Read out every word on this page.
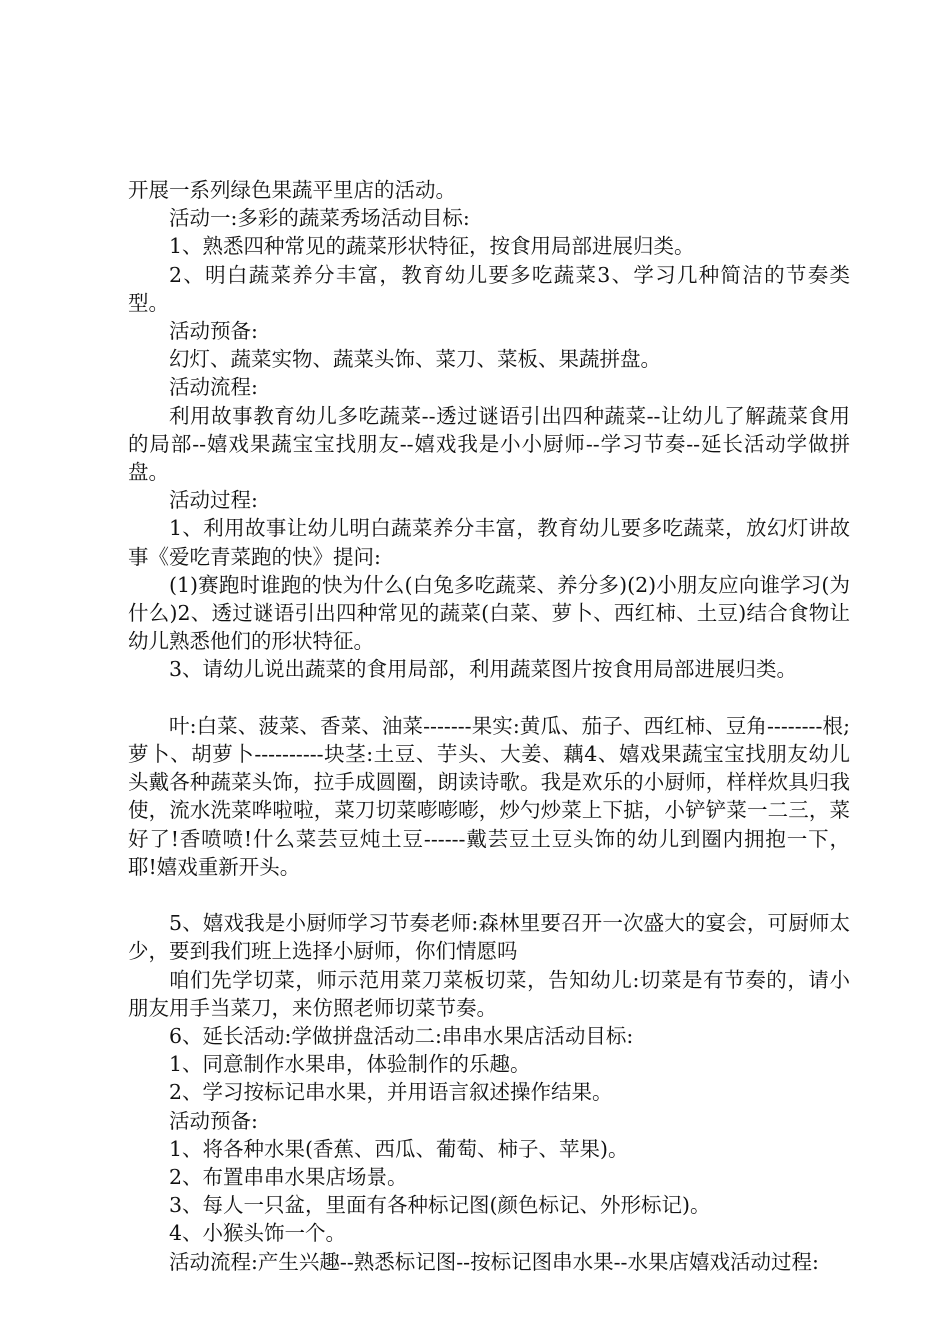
开展一系列绿色果蔬平里店的活动。

活动一:多彩的蔬菜秀场活动目标:

1、熟悉四种常见的蔬菜形状特征，按食用局部进展归类。

2、明白蔬菜养分丰富，教育幼儿要多吃蔬菜3、学习几种简洁的节奏类型。

活动预备:

幻灯、蔬菜实物、蔬菜头饰、菜刀、菜板、果蔬拼盘。

活动流程:

利用故事教育幼儿多吃蔬菜--透过谜语引出四种蔬菜--让幼儿了解蔬菜食用的局部--嬉戏果蔬宝宝找朋友--嬉戏我是小小厨师--学习节奏--延长活动学做拼盘。

活动过程:

1、利用故事让幼儿明白蔬菜养分丰富，教育幼儿要多吃蔬菜，放幻灯讲故事《爱吃青菜跑的快》提问:

(1)赛跑时谁跑的快为什么(白兔多吃蔬菜、养分多)(2)小朋友应向谁学习(为什么)2、透过谜语引出四种常见的蔬菜(白菜、萝卜、西红柿、土豆)结合食物让幼儿熟悉他们的形状特征。

3、请幼儿说出蔬菜的食用局部，利用蔬菜图片按食用局部进展归类。

叶:白菜、菠菜、香菜、油菜-------果实:黄瓜、茄子、西红柿、豆角--------根;萝卜、胡萝卜----------块茎:土豆、芋头、大姜、藕4、嬉戏果蔬宝宝找朋友幼儿头戴各种蔬菜头饰，拉手成圆圈，朗读诗歌。我是欢乐的小厨师，样样炊具归我使，流水洗菜哗啦啦，菜刀切菜嘭嘭嘭，炒勺炒菜上下掂，小铲铲菜一二三，菜好了!香喷喷!什么菜芸豆炖土豆------戴芸豆土豆头饰的幼儿到圈内拥抱一下，耶!嬉戏重新开头。

5、嬉戏我是小厨师学习节奏老师:森林里要召开一次盛大的宴会，可厨师太少，要到我们班上选择小厨师，你们情愿吗

咱们先学切菜，师示范用菜刀菜板切菜，告知幼儿:切菜是有节奏的，请小朋友用手当菜刀，来仿照老师切菜节奏。

6、延长活动:学做拼盘活动二:串串水果店活动目标:

1、同意制作水果串，体验制作的乐趣。

2、学习按标记串水果，并用语言叙述操作结果。

活动预备:

1、将各种水果(香蕉、西瓜、葡萄、柿子、苹果)。

2、布置串串水果店场景。

3、每人一只盆，里面有各种标记图(颜色标记、外形标记)。

4、小猴头饰一个。

活动流程:产生兴趣--熟悉标记图--按标记图串水果--水果店嬉戏活动过程:
